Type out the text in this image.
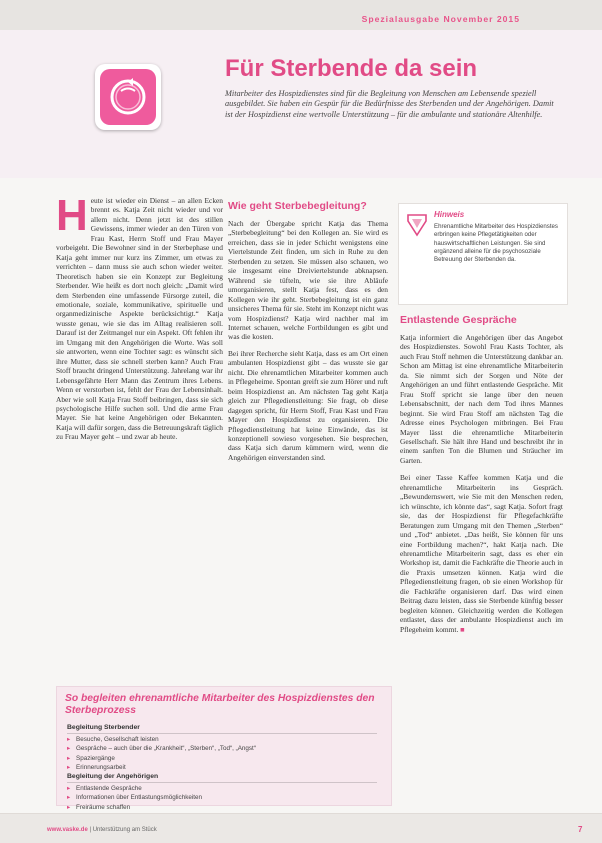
Spezialausgabe November 2015
Für Sterbende da sein
Mitarbeiter des Hospizdienstes sind für die Begleitung von Menschen am Lebensende speziell ausgebildet. Sie haben ein Gespür für die Bedürfnisse des Sterbenden und der Angehörigen. Damit ist der Hospizdienst eine wertvolle Unterstützung – für die ambulante und stationäre Altenhilfe.
H eute ist wieder ein Dienst – an allen Ecken brennt es. Katja Zeit nicht wieder und vor allem nicht. Denn jetzt ist des stillen Gewissens, immer wieder an den Türen von Frau Kast, Herrn Stoff und Frau Mayer vorbeigeht. Die Bewohner sind in der Sterbephase und Katja geht immer nur kurz ins Zimmer, um etwas zu verrichten – dann muss sie auch schon wieder weiter. Theoretisch haben sie ein Konzept zur Begleitung Sterbender. Wie heißt es dort noch gleich: „Damit wird dem Sterbenden eine umfassende Fürsorge zuteil, die emotionale, soziale, kommunikative, spirituelle und organmedizinische Aspekte berücksichtigt.“ Katja wusste genau, wie sie das im Alltag realisieren soll. Darauf ist der Zeitmangel nur ein Aspekt. Oft fehlen ihr im Umgang mit den Angehörigen die Worte. Was soll sie antworten, wenn eine Tochter sagt: es wünscht sich ihre Mutter, dass sie schnell sterben kann? Auch Frau Stoff braucht dringend Unterstützung. Jahrelang war ihr Lebensgefährte Herr Mann das Zentrum ihres Lebens. Wenn er verstorben ist, fehlt der Frau der Lebensinhalt. Aber wie soll Katja Frau Stoff beibringen, dass sie sich psychologische Hilfe suchen soll. Und die arme Frau Mayer. Sie hat keine Angehörigen oder Bekannten. Katja will dafür sorgen, dass die Betreuungskraft täglich zu Frau Mayer geht – und zwar ab heute.

Wie geht Sterbebegleitung?

Nach der Übergabe spricht Katja das Thema „Sterbebegleitung“ bei den Kollegen an. Sie wird es erreichen, dass sie in jeder Schicht wenigstens eine Viertelstunde Zeit finden, um sich in Ruhe zu den Sterbenden zu setzen. Sie müssen also schauen, wo sie insgesamt eine Dreiviertelstunde abknapsen. Während sie tüfteln, wie sie ihre Abläufe umorganisieren, stellt Katja fest, dass es den Kollegen wie ihr geht. Sterbebegleitung ist ein ganz unsicheres Thema für sie. Steht im Konzept nicht was vom Hospizdienst? Katja wird nachher mal im Internet schauen, welche Fortbildungen es gibt und was die kosten.

Bei ihrer Recherche sieht Katja, dass es am Ort einen ambulanten Hospizdienst gibt – das wusste sie gar nicht. Die ehrenamtlichen Mitarbeiter kommen auch in Pflegeheime. Spontan greift sie zum Hörer und ruft beim Hospizdienst an. Am nächsten Tag geht Katja gleich zur Pflegedienstleitung: Sie fragt, ob diese dagegen spricht, für Herrn Stoff, Frau Kast und Frau Mayer den Hospizdienst zu organisieren. Die Pflegedienstleitung hat keine Einwände, das ist konzeptionell sowieso vorgesehen. Sie besprechen, dass Katja sich darum kümmern wird, wenn die Angehörigen einverstanden sind.

Hinweis
Ehrenamtliche Mitarbeiter des Hospizdienstes erbringen keine Pflegetätigkeiten oder hauswirtschaftlichen Leistungen. Sie sind ergänzend alleine für die psychosoziale Betreuung der Sterbenden da.
Entlastende Gespräche

Katja informiert die Angehörigen über das Angebot des Hospizdienstes. Sowohl Frau Kasts Tochter, als auch Frau Stoff nehmen die Unterstützung dankbar an. Schon am Mittag ist eine ehrenamtliche Mitarbeiterin da. Sie nimmt sich der Sorgen und Nöte der Angehörigen an und führt entlastende Gespräche. Mit Frau Stoff spricht sie lange über den neuen Lebensabschnitt, der nach dem Tod ihres Mannes beginnt. Sie wird Frau Stoff am nächsten Tag die Adresse eines Psychologen mitbringen. Bei Frau Mayer lässt die ehrenamtliche Mitarbeiterin Gesellschaft. Sie hält ihre Hand und beschreibt ihr in einem sanften Ton die Blumen und Sträucher im Garten.

Bei einer Tasse Kaffee kommen Katja und die ehrenamtliche Mitarbeiterin ins Gespräch. „Bewundernswert, wie Sie mit den Menschen reden, ich wünschte, ich könnte das“, sagt Katja. Sofort fragt sie, das der Hospizdienst für Pflegefachkräfte Beratungen zum Umgang mit den Themen „Sterben“ und „Tod“ anbietet. „Das heißt, Sie können für uns eine Fortbildung machen?“, hakt Katja nach. Die ehrenamtliche Mitarbeiterin sagt, dass es eher ein Workshop ist, damit die Fachkräfte die Theorie auch in die Praxis umsetzen können. Katja wird die Pflegedienstleitung fragen, ob sie einen Workshop für die Fachkräfte organisieren darf. Das wird einen Beitrag dazu leisten, dass sie Sterbende künftig besser begleiten können. Gleichzeitig werden die Kollegen entlastet, dass der ambulante Hospizdienst auch im Pflegeheim kommt. ■

So begleiten ehrenamtliche Mitarbeiter des Hospizdienstes den Sterbeprozess
Begleitung Sterbender
▸ Besuche, Gesellschaft leisten
▸ Gespräche – auch über die „Krankheit“, „Sterben“, „Tod“, „Angst“
▸ Spaziergänge
▸ Erinnerungsarbeit
Begleitung der Angehörigen
▸ Entlastende Gespräche
▸ Informationen über Entlastungsmöglichkeiten
▸ Freiräume schaffen
www.vaske.de | Unterstützung am Stück	7
